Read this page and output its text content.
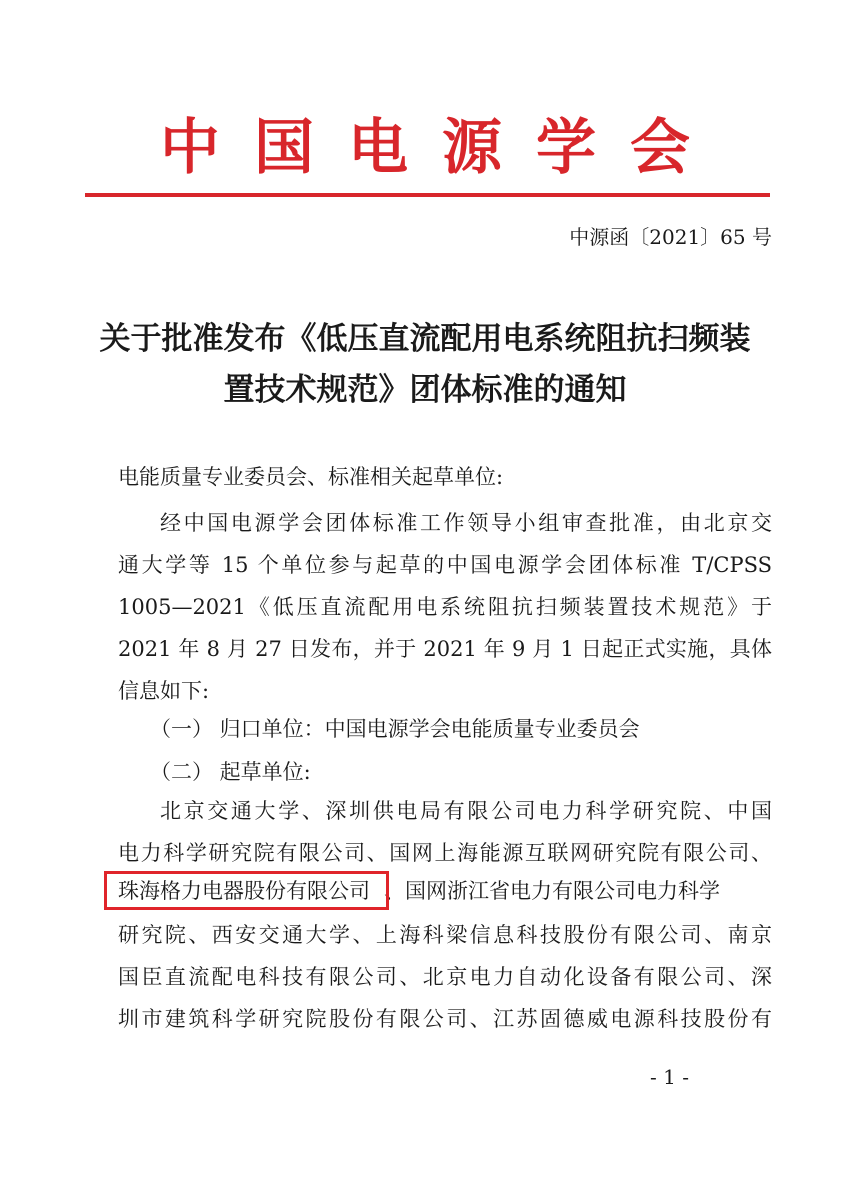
中国电源学会
中源函〔2021〕65 号
关于批准发布《低压直流配用电系统阻抗扫频装
置技术规范》团体标准的通知
电能质量专业委员会、标准相关起草单位:
经中国电源学会团体标准工作领导小组审查批准，由北京交
通大学等 15 个单位参与起草的中国电源学会团体标准 T/CPSS
1005—2021《低压直流配用电系统阻抗扫频装置技术规范》于
2021 年 8 月 27 日发布，并于 2021 年 9 月 1 日起正式实施，具体
信息如下:
（一） 归口单位：中国电源学会电能质量专业委员会
（二） 起草单位:
北京交通大学、深圳供电局有限公司电力科学研究院、中国
电力科学研究院有限公司、国网上海能源互联网研究院有限公司、
珠海格力电器股份有限公司 、国网浙江省电力有限公司电力科学
研究院、西安交通大学、上海科梁信息科技股份有限公司、南京
国臣直流配电科技有限公司、北京电力自动化设备有限公司、深
圳市建筑科学研究院股份有限公司、江苏固德威电源科技股份有
- 1 -
